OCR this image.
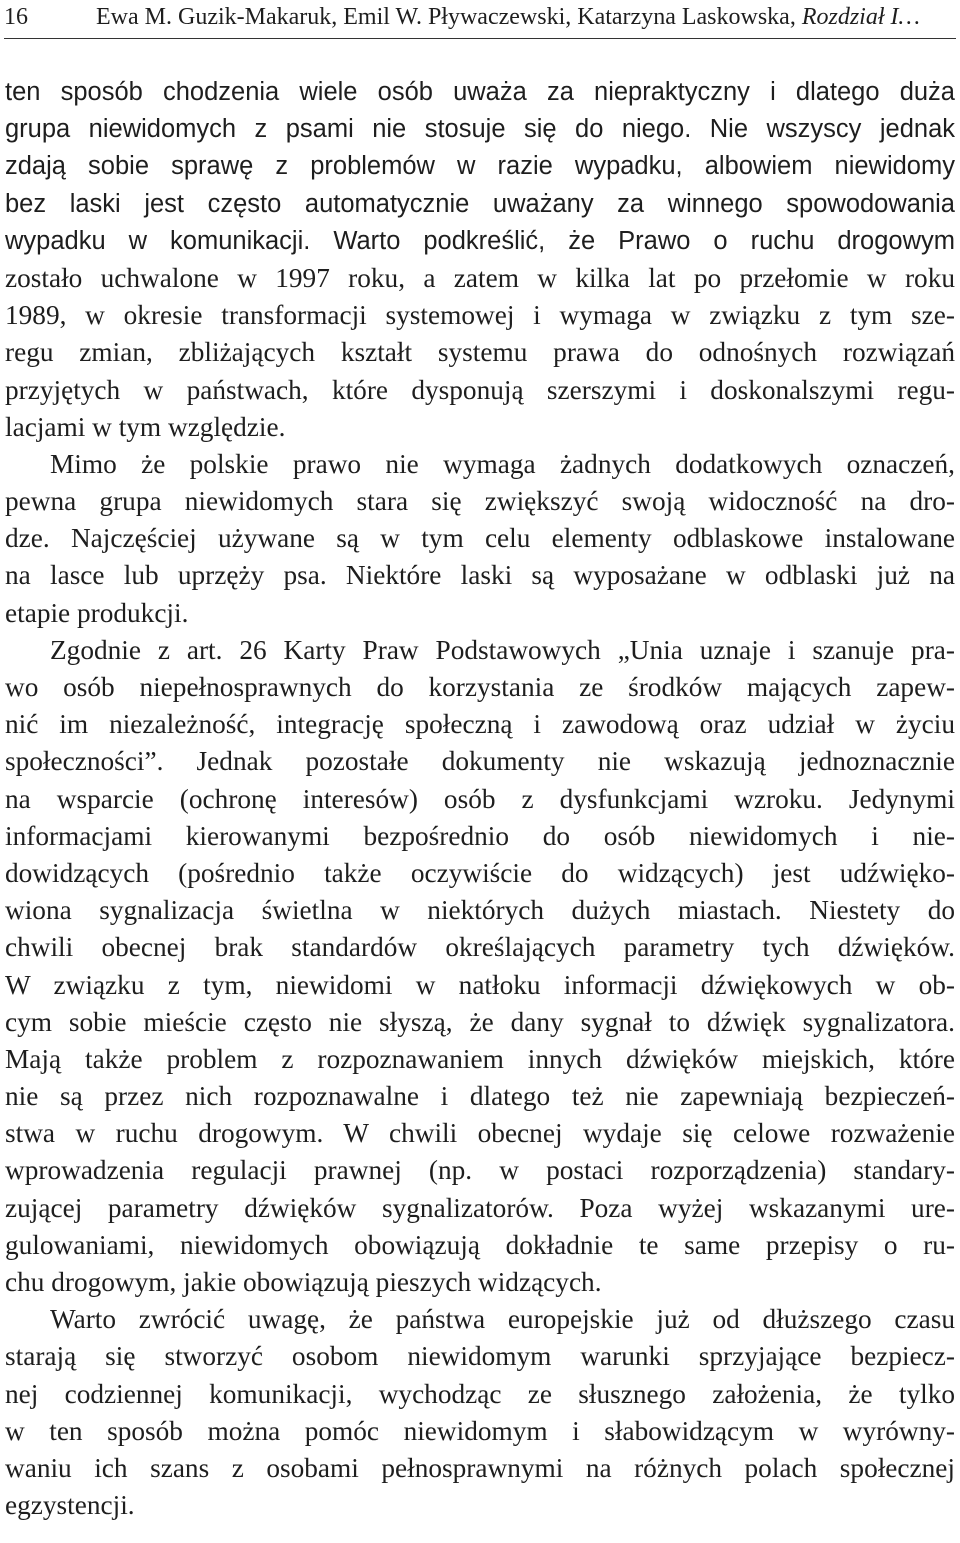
16	Ewa M. Guzik-Makaruk, Emil W. Pływaczewski, Katarzyna Laskowska, Rozdział I…
ten sposób chodzenia wiele osób uważa za niepraktyczny i dlatego duża
grupa niewidomych z psami nie stosuje się do niego. Nie wszyscy jednak
zdają sobie sprawę z problemów w razie wypadku, albowiem niewidomy
bez laski jest często automatycznie uważany za winnego spowodowania
wypadku w komunikacji. Warto podkreślić, że Prawo o ruchu drogowym
zostało uchwalone w 1997 roku, a zatem w kilka lat po przełomie w roku
1989, w okresie transformacji systemowej i wymaga w związku z tym sze-
regu zmian, zbliżających kształt systemu prawa do odnośnych rozwiązań
przyjętych w państwach, które dysponują szerszymi i doskonalszymi regu-
lacjami w tym względzie.
Mimo że polskie prawo nie wymaga żadnych dodatkowych oznaczeń,
pewna grupa niewidomych stara się zwiększyć swoją widoczność na dro-
dze. Najczęściej używane są w tym celu elementy odblaskowe instalowane
na lasce lub uprzęży psa. Niektóre laski są wyposażane w odblaski już na
etapie produkcji.
Zgodnie z art. 26 Karty Praw Podstawowych „Unia uznaje i szanuje pra-
wo osób niepełnosprawnych do korzystania ze środków mających zapew-
nić im niezależność, integrację społeczną i zawodową oraz udział w życiu
społeczności”. Jednak pozostałe dokumenty nie wskazują jednoznacznie
na wsparcie (ochronę interesów) osób z dysfunkcjami wzroku. Jedynymi
informacjami kierowanymi bezpośrednio do osób niewidomych i nie-
dowidzących (pośrednio także oczywiście do widzących) jest udźwięko-
wiona sygnalizacja świetlna w niektórych dużych miastach. Niestety do
chwili obecnej brak standardów określających parametry tych dźwięków.
W związku z tym, niewidomi w natłoku informacji dźwiękowych w ob-
cym sobie mieście często nie słyszą, że dany sygnał to dźwięk sygnalizatora.
Mają także problem z rozpoznawaniem innych dźwięków miejskich, które
nie są przez nich rozpoznawalne i dlatego też nie zapewniają bezpieczeń-
stwa w ruchu drogowym. W chwili obecnej wydaje się celowe rozważenie
wprowadzenia regulacji prawnej (np. w postaci rozporządzenia) standary-
zującej parametry dźwięków sygnalizatorów. Poza wyżej wskazanymi ure-
gulowaniami, niewidomych obowiązują dokładnie te same przepisy o ru-
chu drogowym, jakie obowiązują pieszych widzących.
Warto zwrócić uwagę, że państwa europejskie już od dłuższego czasu
starają się stworzyć osobom niewidomym warunki sprzyjające bezpiecz-
nej codziennej komunikacji, wychodząc ze słusznego założenia, że tylko
w ten sposób można pomóc niewidomym i słabowidzącym w wyrówny-
waniu ich szans z osobami pełnosprawnymi na różnych polach społecznej
egzystencji.
